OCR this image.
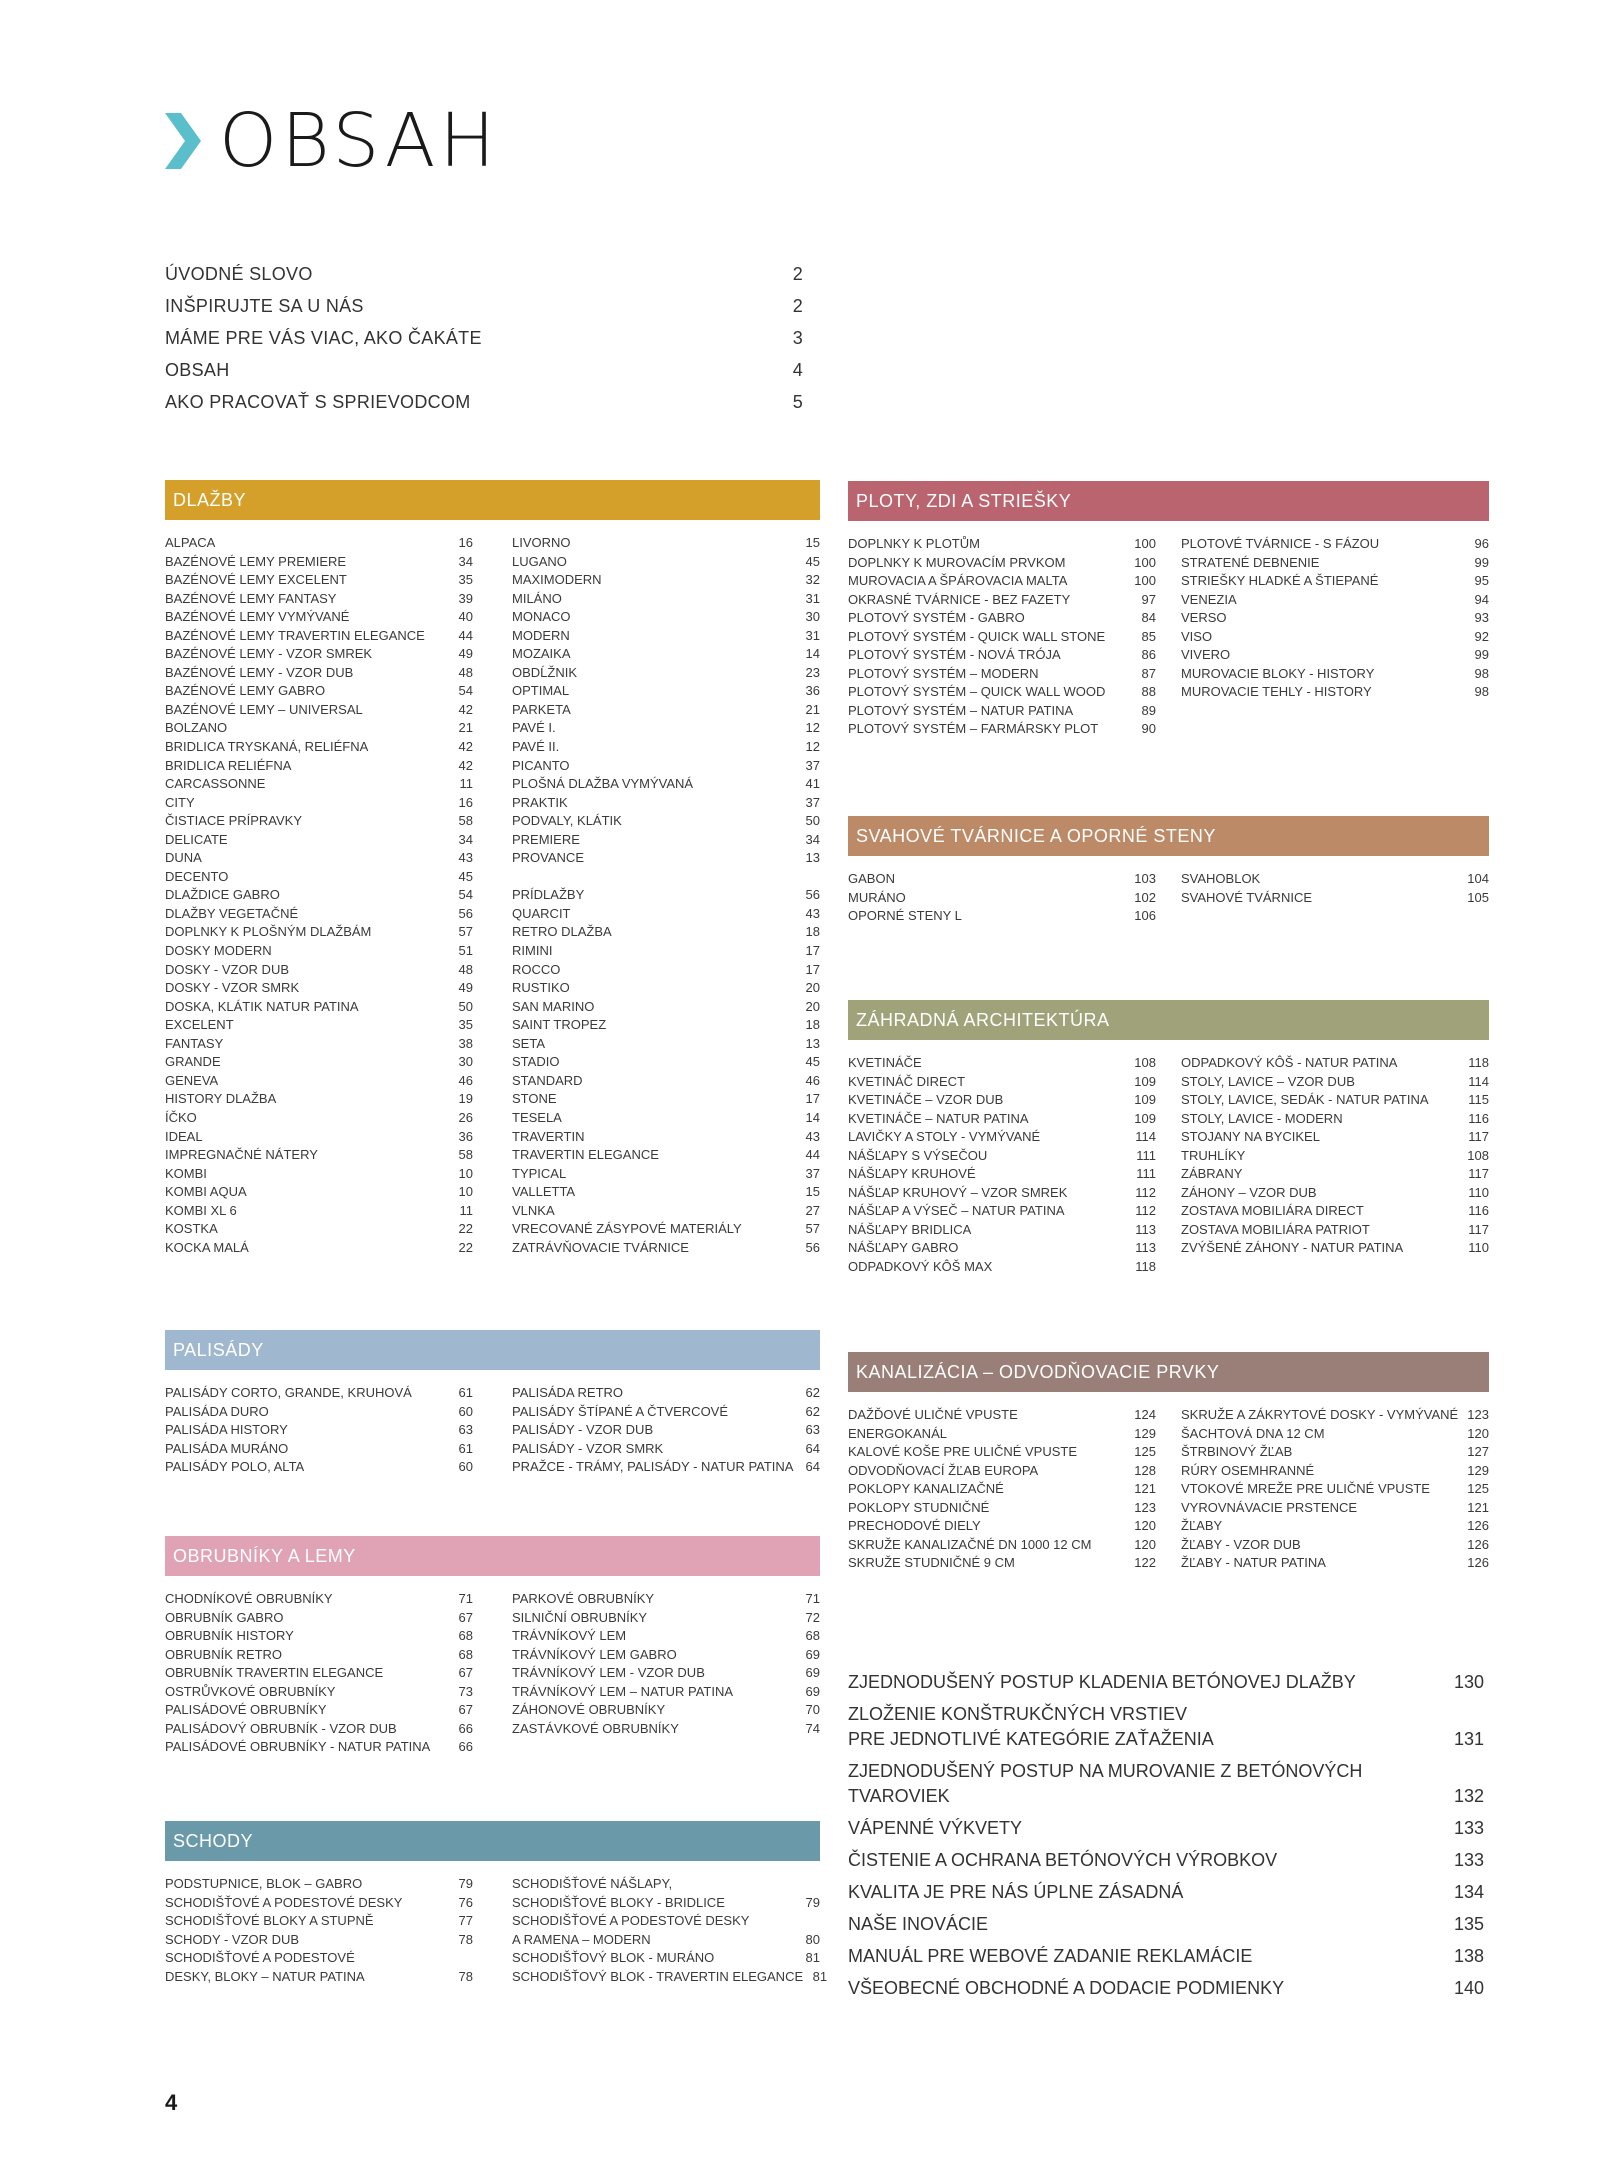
OBSAH
ÚVODNÉ SLOVO	2
INŠPIRUJTE SA U NÁS	2
MÁME PRE VÁS VIAC, AKO ČAKÁTE	3
OBSAH	4
AKO PRACOVAŤ S SPRIEVODCOM	5
DLAŽBY
ALPACA	16
BAZÉNOVÉ LEMY PREMIERE	34
BAZÉNOVÉ LEMY EXCELENT	35
BAZÉNOVÉ LEMY FANTASY	39
BAZÉNOVÉ LEMY VYMÝVANÉ	40
BAZÉNOVÉ LEMY TRAVERTIN ELEGANCE	44
BAZÉNOVÉ LEMY - VZOR SMREK	49
BAZÉNOVÉ LEMY - VZOR DUB	48
BAZÉNOVÉ LEMY GABRO	54
BAZÉNOVÉ LEMY – UNIVERSAL	42
BOLZANO	21
BRIDLICA TRYSKANÁ, RELIÉFNA	42
BRIDLICA RELIÉFNA	42
CARCASSONNE	11
CITY	16
ČISTIACE PRÍPRAVKY	58
DELICATE	34
DUNA	43
DECENTO	45
DLAŽDICE GABRO	54
DLAŽBY VEGETAČNÉ	56
DOPLNKY K PLOŠNÝM DLAŽBÁM	57
DOSKY MODERN	51
DOSKY - VZOR DUB	48
DOSKY - VZOR SMRK	49
DOSKA, KLÁTIK NATUR PATINA	50
EXCELENT	35
FANTASY	38
GRANDE	30
GENEVA	46
HISTORY DLAŽBA	19
ÍČKO	26
IDEAL	36
IMPREGNAČNÉ NÁTERY	58
KOMBI	10
KOMBI AQUA	10
KOMBI XL 6	11
KOSTKA	22
KOCKA MALÁ	22
LIVORNO	15
LUGANO	45
MAXIMODERN	32
MILÁNO	31
MONACO	30
MODERN	31
MOZAIKA	14
OBDĹŽNIK	23
OPTIMAL	36
PARKETA	21
PAVÉ I.	12
PAVÉ II.	12
PICANTO	37
PLOŠNÁ DLAŽBA VYMÝVANÁ	41
PRAKTIK	37
PODVALY, KLÁTIK	50
PREMIERE	34
PROVANCE	13
PRÍDLAŽBY	56
QUARCIT	43
RETRO DLAŽBA	18
RIMINI	17
ROCCO	17
RUSTIKO	20
SAN MARINO	20
SAINT TROPEZ	18
SETA	13
STADIO	45
STANDARD	46
STONE	17
TESELA	14
TRAVERTIN	43
TRAVERTIN ELEGANCE	44
TYPICAL	37
VALLETTA	15
VLNKA	27
VRECOVANÉ ZÁSYPOVÉ MATERIÁLY	57
ZATRÁVŇOVACIE TVÁRNICE	56
PALISÁDY
PALISÁDY CORTO, GRANDE, KRUHOVÁ	61
PALISÁDA DURO	60
PALISÁDA HISTORY	63
PALISÁDA MURÁNO	61
PALISÁDY POLO, ALTA	60
PALISÁDA RETRO	62
PALISÁDY ŠTÍPANÉ A ČTVERCOVÉ	62
PALISÁDY - VZOR DUB	63
PALISÁDY - VZOR SMRK	64
PRAŽCE - TRÁMY, PALISÁDY - NATUR PATINA 64
OBRUBNÍKY A LEMY
CHODNÍKOVÉ OBRUBNÍKY	71
OBRUBNÍK GABRO	67
OBRUBNÍK HISTORY	68
OBRUBNÍK RETRO	68
OBRUBNÍK TRAVERTIN ELEGANCE	67
OSTRŮVKOVÉ OBRUBNÍKY	73
PALISÁDOVÉ OBRUBNÍKY	67
PALISÁDOVÝ OBRUBNÍK - VZOR DUB	66
PALISÁDOVÉ OBRUBNÍKY - NATUR PATINA	66
PARKOVÉ OBRUBNÍKY	71
SILNIČNÍ OBRUBNÍKY	72
TRÁVNÍKOVÝ LEM	68
TRÁVNÍKOVÝ LEM GABRO	69
TRÁVNÍKOVÝ LEM - VZOR DUB	69
TRÁVNÍKOVÝ LEM – NATUR PATINA	69
ZÁHONOVÉ OBRUBNÍKY	70
ZASTÁVKOVÉ OBRUBNÍKY	74
SCHODY
PODSTUPNICE, BLOK – GABRO	79
SCHODIŠŤOVÉ A PODESTOVÉ DESKY	76
SCHODIŠŤOVÉ BLOKY A STUPNĚ	77
SCHODY - VZOR DUB	78
SCHODIŠŤOVÉ A PODESTOVÉ
DESKY, BLOKY – NATUR PATINA	78
SCHODIŠŤOVÉ NÁŠLAPY,
SCHODIŠŤOVÉ BLOKY - BRIDLICE	79
SCHODIŠŤOVÉ A PODESTOVÉ DESKY
A RAMENA – MODERN	80
SCHODIŠŤOVÝ BLOK - MURÁNO	81
SCHODIŠŤOVÝ BLOK - TRAVERTIN ELEGANCE 81
PLOTY, ZDI A STRIEŠKY
DOPLNKY K PLOTŮM	100
DOPLNKY K MUROVACÍM PRVKOM	100
MUROVACIA A ŠPÁROVACIA MALTA	100
OKRASNÉ TVÁRNICE - BEZ FAZETY	97
PLOTOVÝ SYSTÉM - GABRO	84
PLOTOVÝ SYSTÉM - QUICK WALL STONE	85
PLOTOVÝ SYSTÉM - NOVÁ TRÓJA	86
PLOTOVÝ SYSTÉM – MODERN	87
PLOTOVÝ SYSTÉM – QUICK WALL WOOD	88
PLOTOVÝ SYSTÉM – NATUR PATINA	89
PLOTOVÝ SYSTÉM – FARMÁRSKY PLOT	90
PLOTOVÉ TVÁRNICE - S FÁZOU	96
STRATENÉ DEBNENIE	99
STRIEŠKY HLADKÉ A ŠTIEPANÉ	95
VENEZIA	94
VERSO	93
VISO	92
VIVERO	99
MUROVACIE BLOKY - HISTORY	98
MUROVACIE TEHLY - HISTORY	98
SVAHOVÉ TVÁRNICE A OPORNÉ STENY
GABON	103
MURÁNO	102
OPORNÉ STENY L	106
SVAHOBLOK	104
SVAHOVÉ TVÁRNICE	105
ZÁHRADNÁ ARCHITEKTÚRA
KVETINÁČE	108
KVETINÁČ DIRECT	109
KVETINÁČE – VZOR DUB	109
KVETINÁČE – NATUR PATINA	109
LAVIČKY A STOLY - VYMÝVANÉ	114
NÁŠĽAPY S VÝSEČOU	111
NÁŠĽAPY KRUHOVÉ	111
NÁŠĽAP KRUHOVÝ – VZOR SMREK	112
NÁŠĽAP A VÝSEČ – NATUR PATINA	112
NÁŠĽAPY BRIDLICA	113
NÁŠĽAPY GABRO	113
ODPADKOVÝ KÔŠ MAX	118
ODPADKOVÝ KÔŠ - NATUR PATINA	118
STOLY, LAVICE – VZOR DUB	114
STOLY, LAVICE, SEDÁK - NATUR PATINA	115
STOLY, LAVICE - MODERN	116
STOJANY NA BYCIKEL	117
TRUHLÍKY	108
ZÁBRANY	117
ZÁHONY – VZOR DUB	110
ZOSTAVA MOBILIÁRA DIRECT	116
ZOSTAVA MOBILIÁRA PATRIOT	117
ZVÝŠENÉ ZÁHONY - NATUR PATINA	110
KANALIZÁCIA – ODVODŇOVACIE PRVKY
DAŽĎOVÉ ULIČNÉ VPUSTE	124
ENERGOKANÁL	129
KALOVÉ KOŠE PRE ULIČNÉ VPUSTE	125
ODVODŇOVACÍ ŽĽAB EUROPA	128
POKLOPY KANALIZAČNÉ	121
POKLOPY STUDNIČNÉ	123
PRECHODOVÉ DIELY	120
SKRUŽE KANALIZAČNÉ DN 1000 12 CM	120
SKRUŽE STUDNIČNÉ 9 CM	122
SKRUŽE A ZÁKRYTOVÉ DOSKY - VYMÝVANÉ 123
ŠACHTOVÁ DNA 12 CM	120
ŠTRBINOVÝ ŽĽAB	127
RÚRY OSEMHRANNÉ	129
VTOKOVÉ MREŽE PRE ULIČNÉ VPUSTE	125
VYROVNÁVACIE PRSTENCE	121
ŽĽABY	126
ŽĽABY - VZOR DUB	126
ŽĽABY - NATUR PATINA	126
ZJEDNODUŠENÝ POSTUP KLADENIA BETÓNOVEJ DLAŽBY	130
ZLOŽENIE KONŠTRUKČNÝCH VRSTIEV
PRE JEDNOTLIVÉ KATEGÓRIE ZAŤAŽENIA	131
ZJEDNODUŠENÝ POSTUP NA MUROVANIE Z BETÓNOVÝCH TVAROVIEK	132
VÁPENNÉ VÝKVETY	133
ČISTENIE A OCHRANA BETÓNOVÝCH VÝROBKOV	133
KVALITA JE PRE NÁS ÚPLNE ZÁSADNÁ	134
NAŠE INOVÁCIE	135
MANUÁL PRE WEBOVÉ ZADANIE REKLAMÁCIE	138
VŠEOBECNÉ OBCHODNÉ A DODACIE PODMIENKY	140
4
